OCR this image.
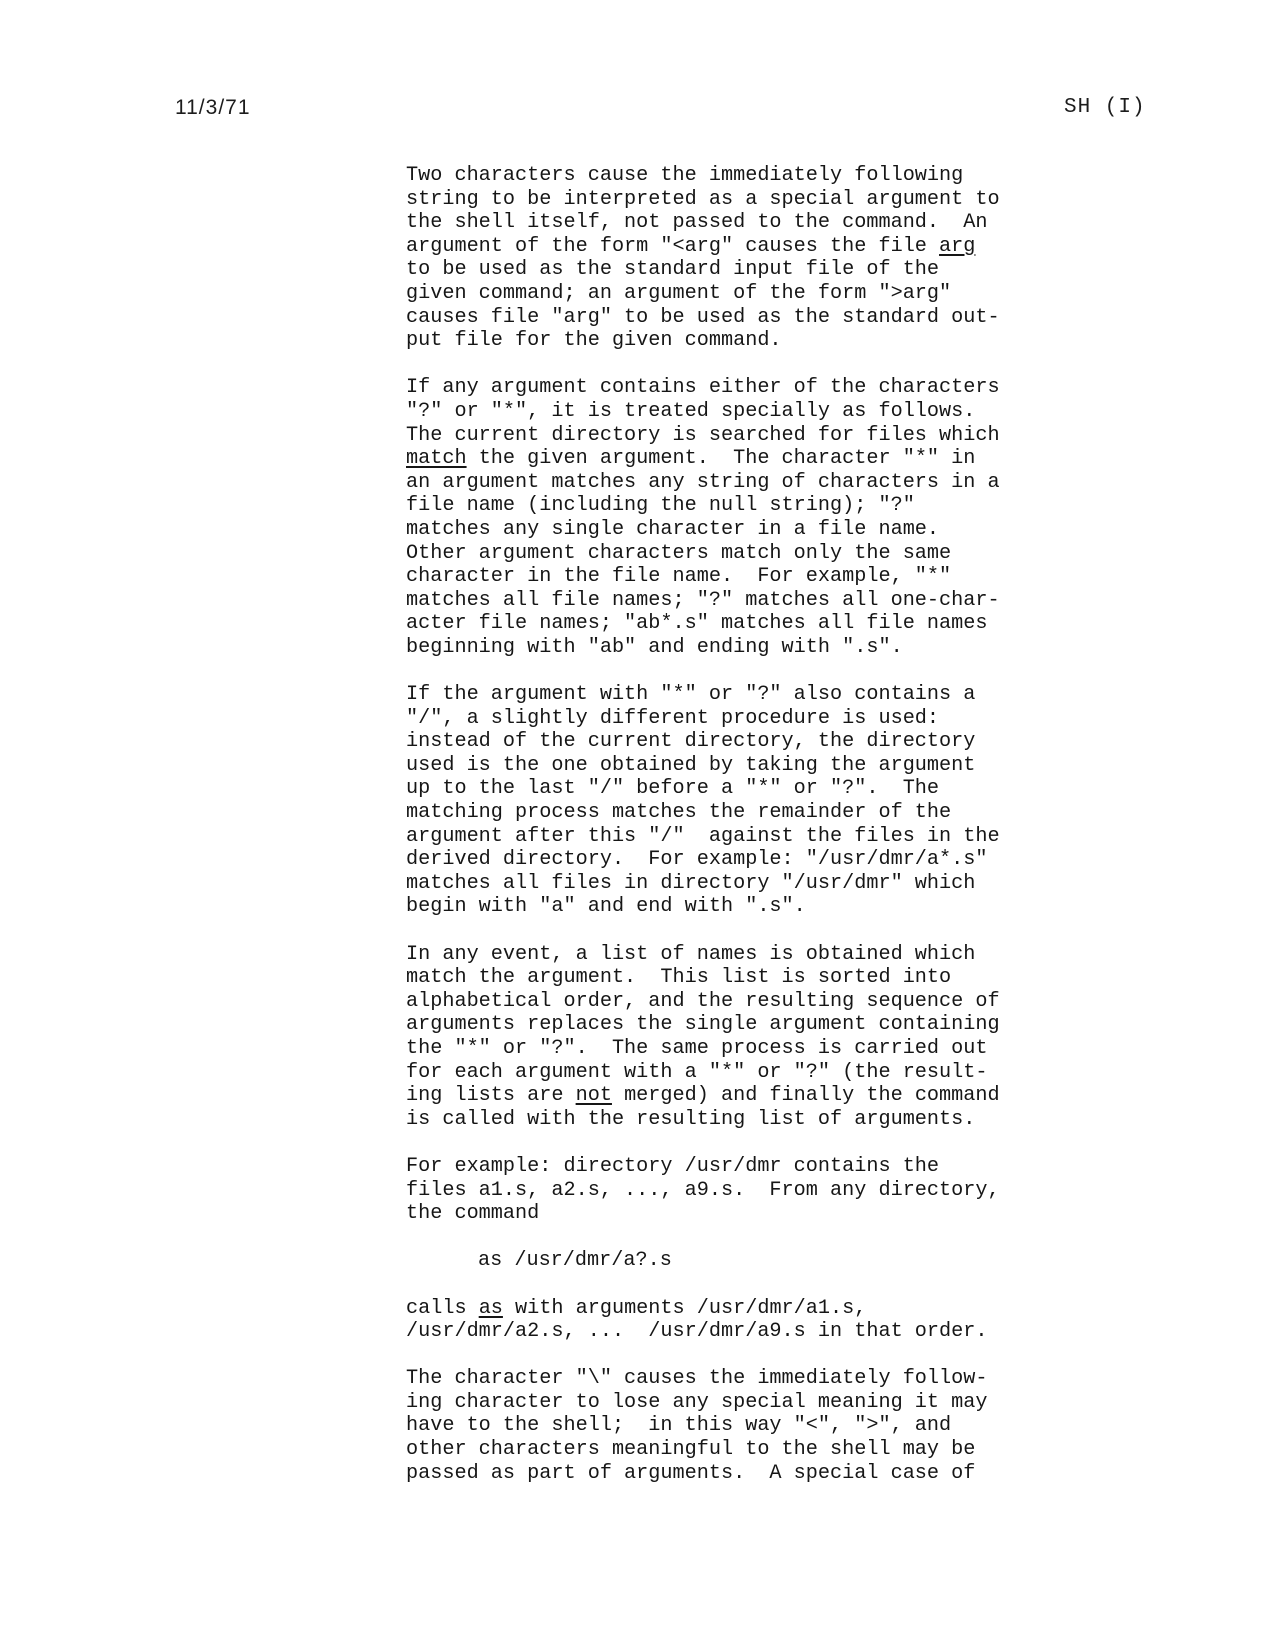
11/3/71	SH (I)
Two characters cause the immediately following
string to be interpreted as a special argument to
the shell itself, not passed to the command.  An
argument of the form "<arg" causes the file arg
to be used as the standard input file of the
given command; an argument of the form ">arg"
causes file "arg" to be used as the standard out-
put file for the given command.
If any argument contains either of the characters
"?" or "*", it is treated specially as follows.
The current directory is searched for files which
match the given argument.  The character "*" in
an argument matches any string of characters in a
file name (including the null string); "?"
matches any single character in a file name.
Other argument characters match only the same
character in the file name.  For example, "*"
matches all file names; "?" matches all one-char-
acter file names; "ab*.s" matches all file names
beginning with "ab" and ending with ".s".
If the argument with "*" or "?" also contains a
"/", a slightly different procedure is used:
instead of the current directory, the directory
used is the one obtained by taking the argument
up to the last "/" before a "*" or "?".  The
matching process matches the remainder of the
argument after this "/"  against the files in the
derived directory.  For example: "/usr/dmr/a*.s"
matches all files in directory "/usr/dmr" which
begin with "a" and end with ".s".
In any event, a list of names is obtained which
match the argument.  This list is sorted into
alphabetical order, and the resulting sequence of
arguments replaces the single argument containing
the "*" or "?".  The same process is carried out
for each argument with a "*" or "?" (the result-
ing lists are not merged) and finally the command
is called with the resulting list of arguments.
For example: directory /usr/dmr contains the
files a1.s, a2.s, ..., a9.s.  From any directory,
the command
as /usr/dmr/a?.s
calls as with arguments /usr/dmr/a1.s,
/usr/dmr/a2.s, ...  /usr/dmr/a9.s in that order.
The character "\" causes the immediately follow-
ing character to lose any special meaning it may
have to the shell;  in this way "<", ">", and
other characters meaningful to the shell may be
passed as part of arguments.  A special case of
